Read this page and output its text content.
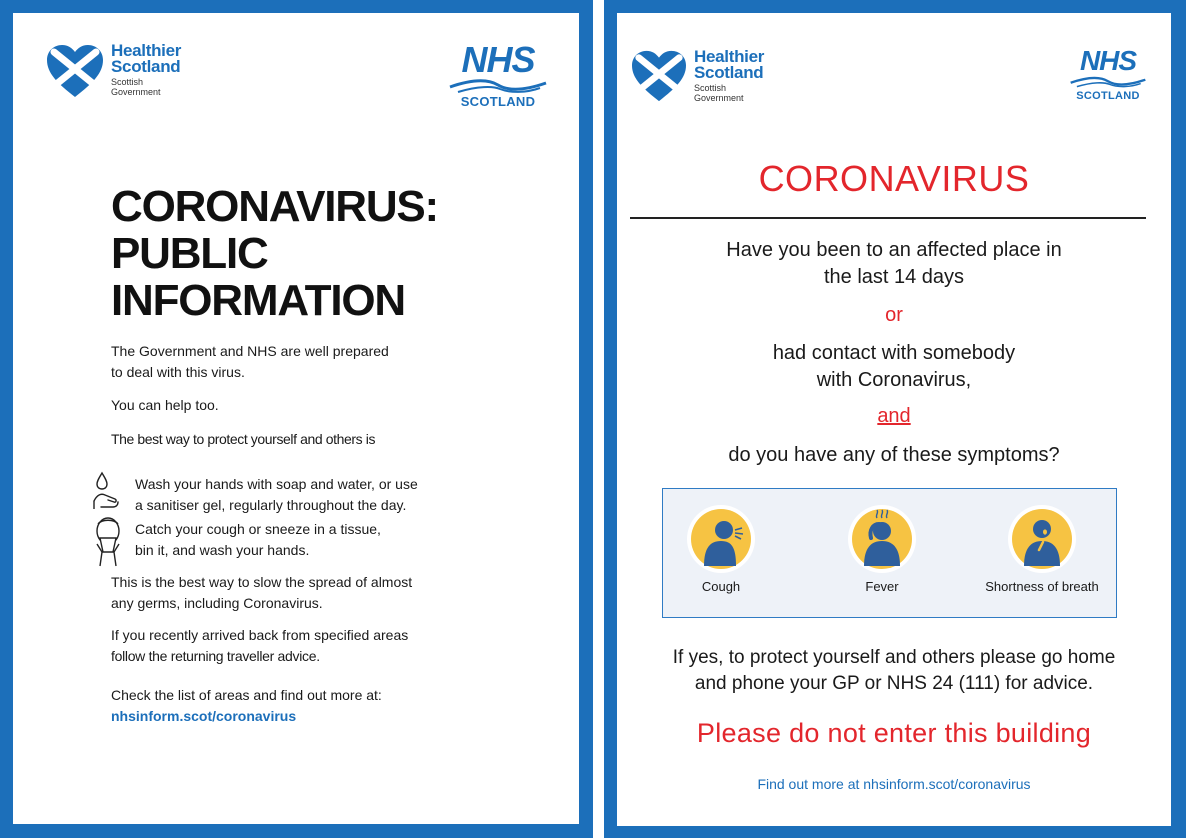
Healthier
Scotland
Scottish
Government
NHS
SCOTLAND
CORONAVIRUS:
PUBLIC
INFORMATION
The Government and NHS are well prepared
to deal with this virus.
You can help too.
The best way to protect yourself and others is
Wash your hands with soap and water, or use
a sanitiser gel, regularly throughout the day.
Catch your cough or sneeze in a tissue,
bin it, and wash your hands.
This is the best way to slow the spread of almost
any germs, including Coronavirus.
If you recently arrived back from specified areas
follow the returning traveller advice.
Check the list of areas and find out more at:
nhsinform.scot/coronavirus
Healthier
Scotland
Scottish
Government
NHS
SCOTLAND
CORONAVIRUS
Have you been to an affected place in
the last 14 days
or
had contact with somebody
with Coronavirus,
and
do you have any of these symptoms?
Cough	Fever	Shortness of breath
If yes, to protect yourself and others please go home
and phone your GP or NHS 24 (111) for advice.
Please do not enter this building
Find out more at nhsinform.scot/coronavirus
